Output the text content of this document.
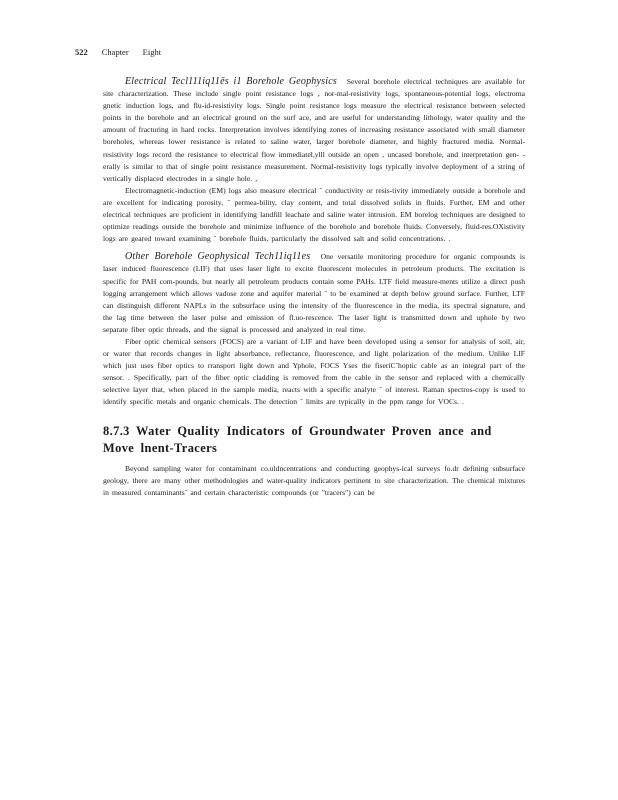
522 Chapter Eight

Electrical Tecl111iq11ēs i1 Borehole Geophysics Several borehole electrical techniques are available for site characterization. These include single point resistance logs , nor-mal-resistivity logs, spontaneous-potential logs, electroma gnetic induction logs, and flu-id-resistivity logs. Single point resistance logs measure the electrical resistance between selected points in the borehole and an electrical ground on the surf ace, and are useful for understanding lithology, water quality and the amount of fracturing in hard rocks. Interpretation involves identifying zones of increasing resistance associated with small diameter boreholes, whereas lower resistance is related to saline water, larger borehole diameter, and highly fractured media. Normal-resistivity logs record the resistance to electrical flow immediatel,ylll outside an open , uncased borehole, and interpretation gen- - erally is similar to that of single point resistance measurement. Normal-resistivity logs typically involve deployment of a string of vertically displaced electrodes in a single hole. ,

Electromagnetic-induction (EM) logs also measure electrical ˆ conductivity or resis-tivity immediately outside a borehole and are excellent for indicating porosity, ˆ permea-bility, clay content, and total dissolved solids in fluids. Further, EM and other electrical techniques are proficient in identifying landfill leachate and saline water intrusion. EM borelog techniques are designed to optimize readings outside the borehole and minimize influence of the borehole and borehole fluids. Conversely, fluid-res.OXistivity logs are geared toward examining ˆ borehole fluids, particularly the dissolved salt and solid concentrations. .

Other Borehole Geophysical Tech11iq11es One versatile monitoring procedure for organic compounds is laser induced fluorescence (LIF) that uses laser light to excite fluorescent molecules in petroleum products. The excitation is specific for PAH com-pounds, but nearly all petroleum products contain some PAHs. LTF field measure-ments utilize a direct push logging arrangement which allows vadose zone and aquifer material ˆ to be examined at depth below ground surface. Further, LTF can distinguish different NAPLs in the subsurface using the intensity of the fluorescence in the media, its spectral signature, and the lag time between the laser pulse and emission of fl.uo-rescence. The laser light is transmitted down and uphole by two separate fiber optic threads, and the signal is processed and analyzed in real time.

Fiber optic chemical sensors (FOCS) are a variant of LIF and have been developed using a sensor for analysis of soil, air, or water that records changes in light absorbance, reflectance, fluorescence, and light polarization of the medium. Unlike LIF which just uses fiber optics to rransport light down and Yphole, FOCS Yses the fiseriCˆhoptic cable as an integral part of the sensor. . Specifically, part of the fiber optic cladding is removed from the cable in the sensor and replaced with a chemically selective layer that, when placed in the sample media, reacts with a specific analyte ˆ of interest. Raman spectros-copy is used to identify specific metals and organic chemicals. The detection ˆ limits are typically in the ppm range for VOCs. .

8.7.3 Water Quality Indicators of Groundwater Proven ance and Move lnent-Tracers

Beyond sampling water for contaminant co.uldncentrations and conducting geophys-ical surveys fo.dr defining subsurface geology, there are many other methodologies and water-quality indicators pertinent to site characterization. The chemical mixtures in measured contaminantsˆ and certain characteristic compounds (or "tracers") can be
